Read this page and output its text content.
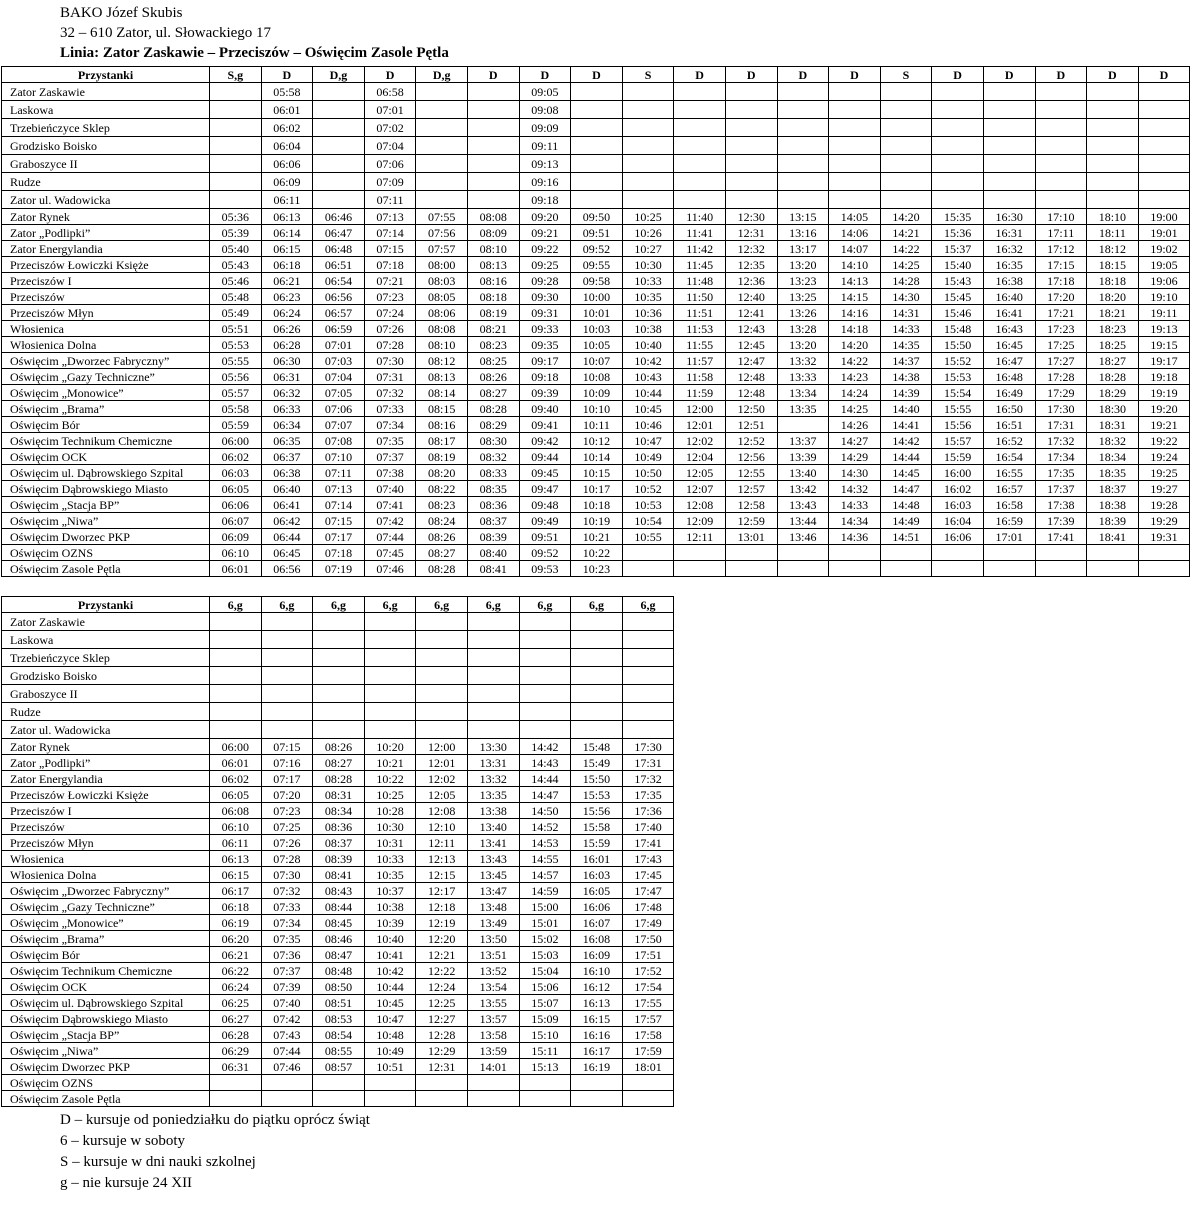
BAKO Józef Skubis
32 – 610 Zator, ul. Słowackiego 17
Linia: Zator Zaskawie – Przeciszów – Oświęcim Zasole Pętla
Przystanki	S,g	D	D,g	D	D,g	D	D	D	S	D	D	D	D	S	D	D	D	D	D
Zator Zaskawie		05:58		06:58			09:05												
Laskowa		06:01		07:01			09:08												
Trzebieńczyce Sklep		06:02		07:02			09:09												
Grodzisko Boisko		06:04		07:04			09:11												
Graboszyce II		06:06		07:06			09:13												
Rudze		06:09		07:09			09:16												
Zator ul. Wadowicka		06:11		07:11			09:18												
Zator Rynek	05:36	06:13	06:46	07:13	07:55	08:08	09:20	09:50	10:25	11:40	12:30	13:15	14:05	14:20	15:35	16:30	17:10	18:10	19:00
Zator „Podlipki”	05:39	06:14	06:47	07:14	07:56	08:09	09:21	09:51	10:26	11:41	12:31	13:16	14:06	14:21	15:36	16:31	17:11	18:11	19:01
Zator Energylandia	05:40	06:15	06:48	07:15	07:57	08:10	09:22	09:52	10:27	11:42	12:32	13:17	14:07	14:22	15:37	16:32	17:12	18:12	19:02
Przeciszów Łowiczki Księże	05:43	06:18	06:51	07:18	08:00	08:13	09:25	09:55	10:30	11:45	12:35	13:20	14:10	14:25	15:40	16:35	17:15	18:15	19:05
Przeciszów I	05:46	06:21	06:54	07:21	08:03	08:16	09:28	09:58	10:33	11:48	12:36	13:23	14:13	14:28	15:43	16:38	17:18	18:18	19:06
Przeciszów	05:48	06:23	06:56	07:23	08:05	08:18	09:30	10:00	10:35	11:50	12:40	13:25	14:15	14:30	15:45	16:40	17:20	18:20	19:10
Przeciszów Młyn	05:49	06:24	06:57	07:24	08:06	08:19	09:31	10:01	10:36	11:51	12:41	13:26	14:16	14:31	15:46	16:41	17:21	18:21	19:11
Włosienica	05:51	06:26	06:59	07:26	08:08	08:21	09:33	10:03	10:38	11:53	12:43	13:28	14:18	14:33	15:48	16:43	17:23	18:23	19:13
Włosienica Dolna	05:53	06:28	07:01	07:28	08:10	08:23	09:35	10:05	10:40	11:55	12:45	13:20	14:20	14:35	15:50	16:45	17:25	18:25	19:15
Oświęcim „Dworzec Fabryczny”	05:55	06:30	07:03	07:30	08:12	08:25	09:17	10:07	10:42	11:57	12:47	13:32	14:22	14:37	15:52	16:47	17:27	18:27	19:17
Oświęcim „Gazy Techniczne”	05:56	06:31	07:04	07:31	08:13	08:26	09:18	10:08	10:43	11:58	12:48	13:33	14:23	14:38	15:53	16:48	17:28	18:28	19:18
Oświęcim „Monowice”	05:57	06:32	07:05	07:32	08:14	08:27	09:39	10:09	10:44	11:59	12:48	13:34	14:24	14:39	15:54	16:49	17:29	18:29	19:19
Oświęcim „Brama”	05:58	06:33	07:06	07:33	08:15	08:28	09:40	10:10	10:45	12:00	12:50	13:35	14:25	14:40	15:55	16:50	17:30	18:30	19:20
Oświęcim Bór	05:59	06:34	07:07	07:34	08:16	08:29	09:41	10:11	10:46	12:01	12:51		14:26	14:41	15:56	16:51	17:31	18:31	19:21
Oświęcim Technikum Chemiczne	06:00	06:35	07:08	07:35	08:17	08:30	09:42	10:12	10:47	12:02	12:52	13:37	14:27	14:42	15:57	16:52	17:32	18:32	19:22
Oświęcim OCK	06:02	06:37	07:10	07:37	08:19	08:32	09:44	10:14	10:49	12:04	12:56	13:39	14:29	14:44	15:59	16:54	17:34	18:34	19:24
Oświęcim ul. Dąbrowskiego Szpital	06:03	06:38	07:11	07:38	08:20	08:33	09:45	10:15	10:50	12:05	12:55	13:40	14:30	14:45	16:00	16:55	17:35	18:35	19:25
Oświęcim Dąbrowskiego Miasto	06:05	06:40	07:13	07:40	08:22	08:35	09:47	10:17	10:52	12:07	12:57	13:42	14:32	14:47	16:02	16:57	17:37	18:37	19:27
Oświęcim „Stacja BP”	06:06	06:41	07:14	07:41	08:23	08:36	09:48	10:18	10:53	12:08	12:58	13:43	14:33	14:48	16:03	16:58	17:38	18:38	19:28
Oświęcim „Niwa”	06:07	06:42	07:15	07:42	08:24	08:37	09:49	10:19	10:54	12:09	12:59	13:44	14:34	14:49	16:04	16:59	17:39	18:39	19:29
Oświęcim Dworzec PKP	06:09	06:44	07:17	07:44	08:26	08:39	09:51	10:21	10:55	12:11	13:01	13:46	14:36	14:51	16:06	17:01	17:41	18:41	19:31
Oświęcim OZNS	06:10	06:45	07:18	07:45	08:27	08:40	09:52	10:22											
Oświęcim Zasole Pętla	06:01	06:56	07:19	07:46	08:28	08:41	09:53	10:23											
Przystanki	6,g	6,g	6,g	6,g	6,g	6,g	6,g	6,g	6,g
Zator Zaskawie									
Laskowa									
Trzebieńczyce Sklep									
Grodzisko Boisko									
Graboszyce II									
Rudze									
Zator ul. Wadowicka									
Zator Rynek	06:00	07:15	08:26	10:20	12:00	13:30	14:42	15:48	17:30
Zator „Podlipki”	06:01	07:16	08:27	10:21	12:01	13:31	14:43	15:49	17:31
Zator Energylandia	06:02	07:17	08:28	10:22	12:02	13:32	14:44	15:50	17:32
Przeciszów Łowiczki Księże	06:05	07:20	08:31	10:25	12:05	13:35	14:47	15:53	17:35
Przeciszów I	06:08	07:23	08:34	10:28	12:08	13:38	14:50	15:56	17:36
Przeciszów	06:10	07:25	08:36	10:30	12:10	13:40	14:52	15:58	17:40
Przeciszów Młyn	06:11	07:26	08:37	10:31	12:11	13:41	14:53	15:59	17:41
Włosienica	06:13	07:28	08:39	10:33	12:13	13:43	14:55	16:01	17:43
Włosienica Dolna	06:15	07:30	08:41	10:35	12:15	13:45	14:57	16:03	17:45
Oświęcim „Dworzec Fabryczny”	06:17	07:32	08:43	10:37	12:17	13:47	14:59	16:05	17:47
Oświęcim „Gazy Techniczne”	06:18	07:33	08:44	10:38	12:18	13:48	15:00	16:06	17:48
Oświęcim „Monowice”	06:19	07:34	08:45	10:39	12:19	13:49	15:01	16:07	17:49
Oświęcim „Brama”	06:20	07:35	08:46	10:40	12:20	13:50	15:02	16:08	17:50
Oświęcim Bór	06:21	07:36	08:47	10:41	12:21	13:51	15:03	16:09	17:51
Oświęcim Technikum Chemiczne	06:22	07:37	08:48	10:42	12:22	13:52	15:04	16:10	17:52
Oświęcim OCK	06:24	07:39	08:50	10:44	12:24	13:54	15:06	16:12	17:54
Oświęcim ul. Dąbrowskiego Szpital	06:25	07:40	08:51	10:45	12:25	13:55	15:07	16:13	17:55
Oświęcim Dąbrowskiego Miasto	06:27	07:42	08:53	10:47	12:27	13:57	15:09	16:15	17:57
Oświęcim „Stacja BP”	06:28	07:43	08:54	10:48	12:28	13:58	15:10	16:16	17:58
Oświęcim „Niwa”	06:29	07:44	08:55	10:49	12:29	13:59	15:11	16:17	17:59
Oświęcim Dworzec PKP	06:31	07:46	08:57	10:51	12:31	14:01	15:13	16:19	18:01
Oświęcim OZNS									
Oświęcim Zasole Pętla									
D – kursuje od poniedziałku do piątku oprócz świąt
6 – kursuje w soboty
S – kursuje w dni nauki szkolnej
g – nie kursuje 24 XII
